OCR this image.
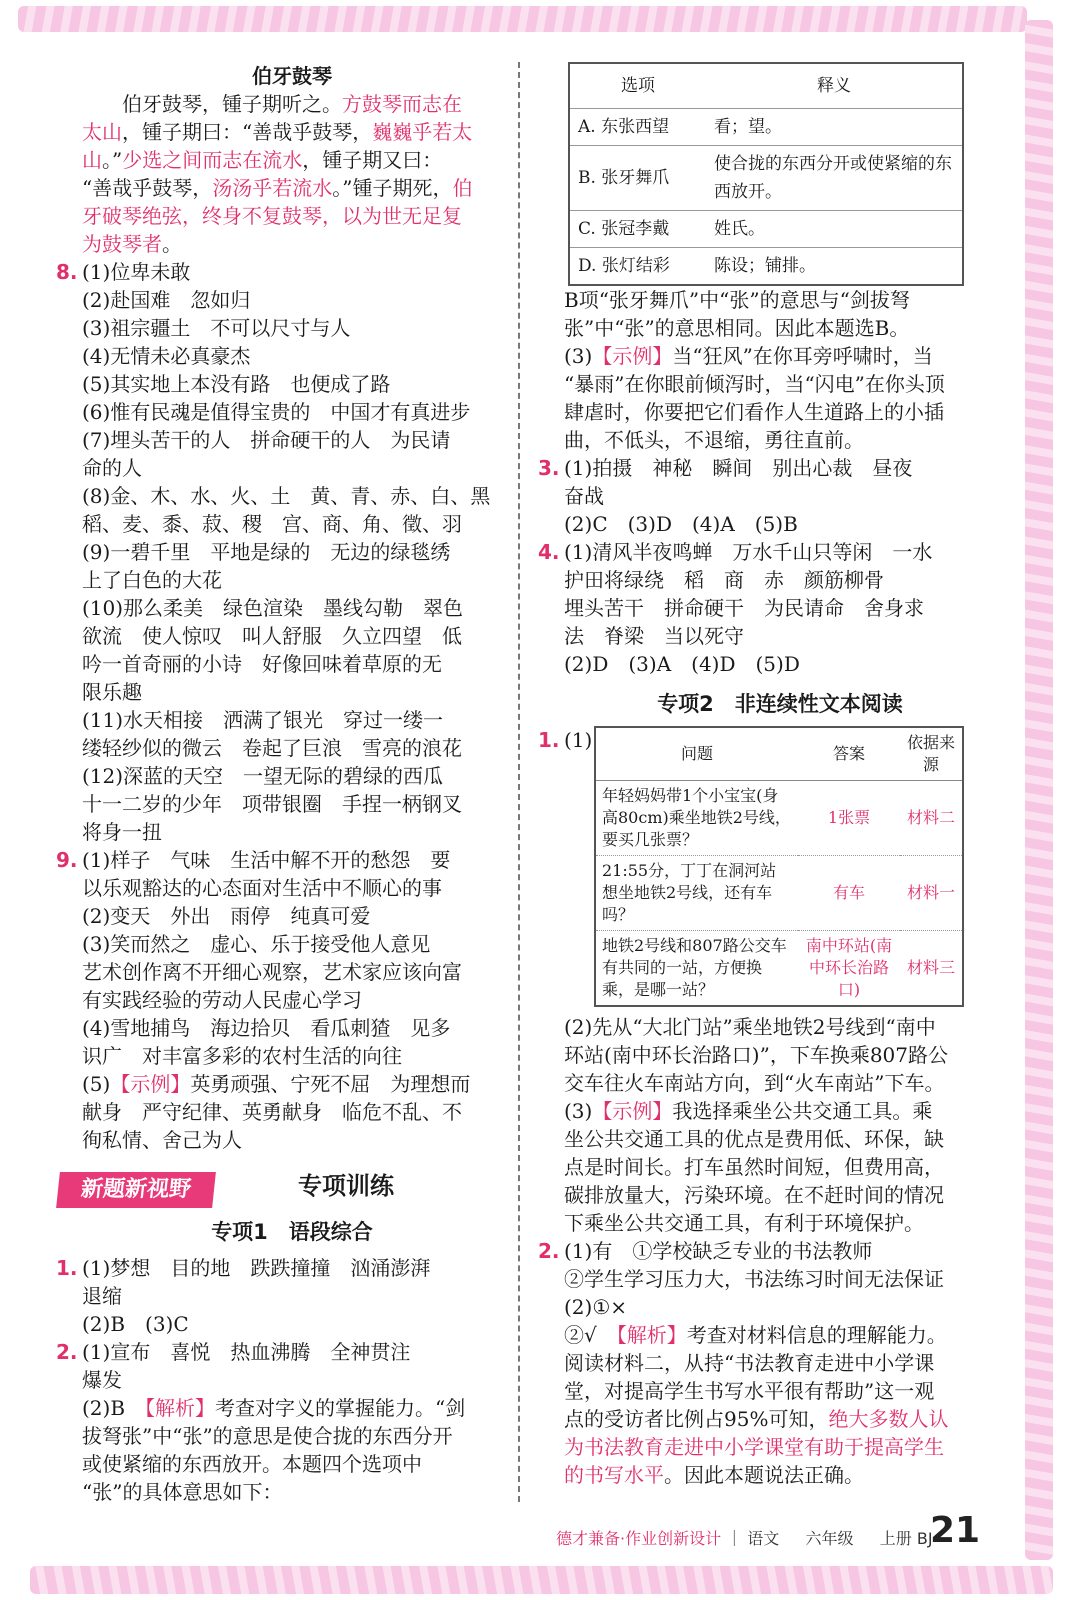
伯牙鼓琴

　　伯牙鼓琴，锺子期听之。方鼓琴而志在

太山，锺子期曰：“善哉乎鼓琴，巍巍乎若太

山。”少选之间而志在流水，锺子期又曰：

“善哉乎鼓琴，汤汤乎若流水。”锺子期死，伯

牙破琴绝弦，终身不复鼓琴，以为世无足复

为鼓琴者。

8. (1)位卑未敢

(2)赴国难　忽如归

(3)祖宗疆土　不可以尺寸与人

(4)无情未必真豪杰

(5)其实地上本没有路　也便成了路

(6)惟有民魂是值得宝贵的　中国才有真进步

(7)埋头苦干的人　拼命硬干的人　为民请

命的人

(8)金、木、水、火、土　黄、青、赤、白、黑

稻、麦、黍、菽、稷　宫、商、角、徵、羽

(9)一碧千里　平地是绿的　无边的绿毯绣

上了白色的大花

(10)那么柔美　绿色渲染　墨线勾勒　翠色

欲流　使人惊叹　叫人舒服　久立四望　低

吟一首奇丽的小诗　好像回味着草原的无

限乐趣

(11)水天相接　洒满了银光　穿过一缕一

缕轻纱似的微云　卷起了巨浪　雪亮的浪花

(12)深蓝的天空　一望无际的碧绿的西瓜

十一二岁的少年　项带银圈　手捏一柄钢叉

将身一扭

9. (1)样子　气味　生活中解不开的愁怨　要

以乐观豁达的心态面对生活中不顺心的事

(2)变天　外出　雨停　纯真可爱

(3)笑而然之　虚心、乐于接受他人意见

艺术创作离不开细心观察，艺术家应该向富

有实践经验的劳动人民虚心学习

(4)雪地捕鸟　海边拾贝　看瓜刺猹　见多

识广　对丰富多彩的农村生活的向往

(5)【示例】英勇顽强、宁死不屈　为理想而

献身　严守纪律、英勇献身　临危不乱、不

徇私情、舍己为人

新题新视野	专项训练
专项1　语段综合
1. (1)梦想　目的地　跌跌撞撞　汹涌澎湃

退缩

(2)B　(3)C

2. (1)宣布　喜悦　热血沸腾　全神贯注

爆发

(2)B　【解析】考查对字义的掌握能力。“剑

拔弩张”中“张”的意思是使合拢的东西分开

或使紧缩的东西放开。本题四个选项中

“张”的具体意思如下：

选项	释义
A. 东张西望	看；望。
B. 张牙舞爪	使合拢的东西分开或使紧缩的东西放开。
C. 张冠李戴	姓氏。
D. 张灯结彩	陈设；铺排。

B项“张牙舞爪”中“张”的意思与“剑拔弩

张”中“张”的意思相同。因此本题选B。

(3)【示例】当“狂风”在你耳旁呼啸时，当

“暴雨”在你眼前倾泻时，当“闪电”在你头顶

肆虐时，你要把它们看作人生道路上的小插

曲，不低头，不退缩，勇往直前。

3. (1)拍摄　神秘　瞬间　别出心裁　昼夜

奋战

(2)C　(3)D　(4)A　(5)B

4. (1)清风半夜鸣蝉　万水千山只等闲　一水

护田将绿绕　稻　商　赤　颜筋柳骨

埋头苦干　拼命硬干　为民请命　舍身求

法　脊梁　当以死守

(2)D　(3)A　(4)D　(5)D

专项2　非连续性文本阅读
1. (1)
问题	答案	依据来源
年轻妈妈带1个小宝宝(身高80cm)乘坐地铁2号线，要买几张票？	1张票	材料二
21:55分，丁丁在洞河站想坐地铁2号线，还有车吗？	有车	材料一
地铁2号线和807路公交车有共同的一站，方便换乘，是哪一站？	南中环站(南中环长治路口)	材料三

(2)先从“大北门站”乘坐地铁2号线到“南中

环站(南中环长治路口)”，下车换乘807路公

交车往火车南站方向，到“火车南站”下车。

(3)【示例】我选择乘坐公共交通工具。乘

坐公共交通工具的优点是费用低、环保，缺

点是时间长。打车虽然时间短，但费用高，

碳排放量大，污染环境。在不赶时间的情况

下乘坐公共交通工具，有利于环境保护。

2. (1)有　①学校缺乏专业的书法教师

②学生学习压力大，书法练习时间无法保证

(2)①×

②√　【解析】考查对材料信息的理解能力。

阅读材料二，从持“书法教育走进中小学课

堂，对提高学生书写水平很有帮助”这一观

点的受访者比例占95%可知，绝大多数人认

为书法教育走进中小学课堂有助于提高学生

的书写水平。因此本题说法正确。

德才兼备·作业创新设计 ｜ 语文 　 六年级 　 上册 BJ
21
